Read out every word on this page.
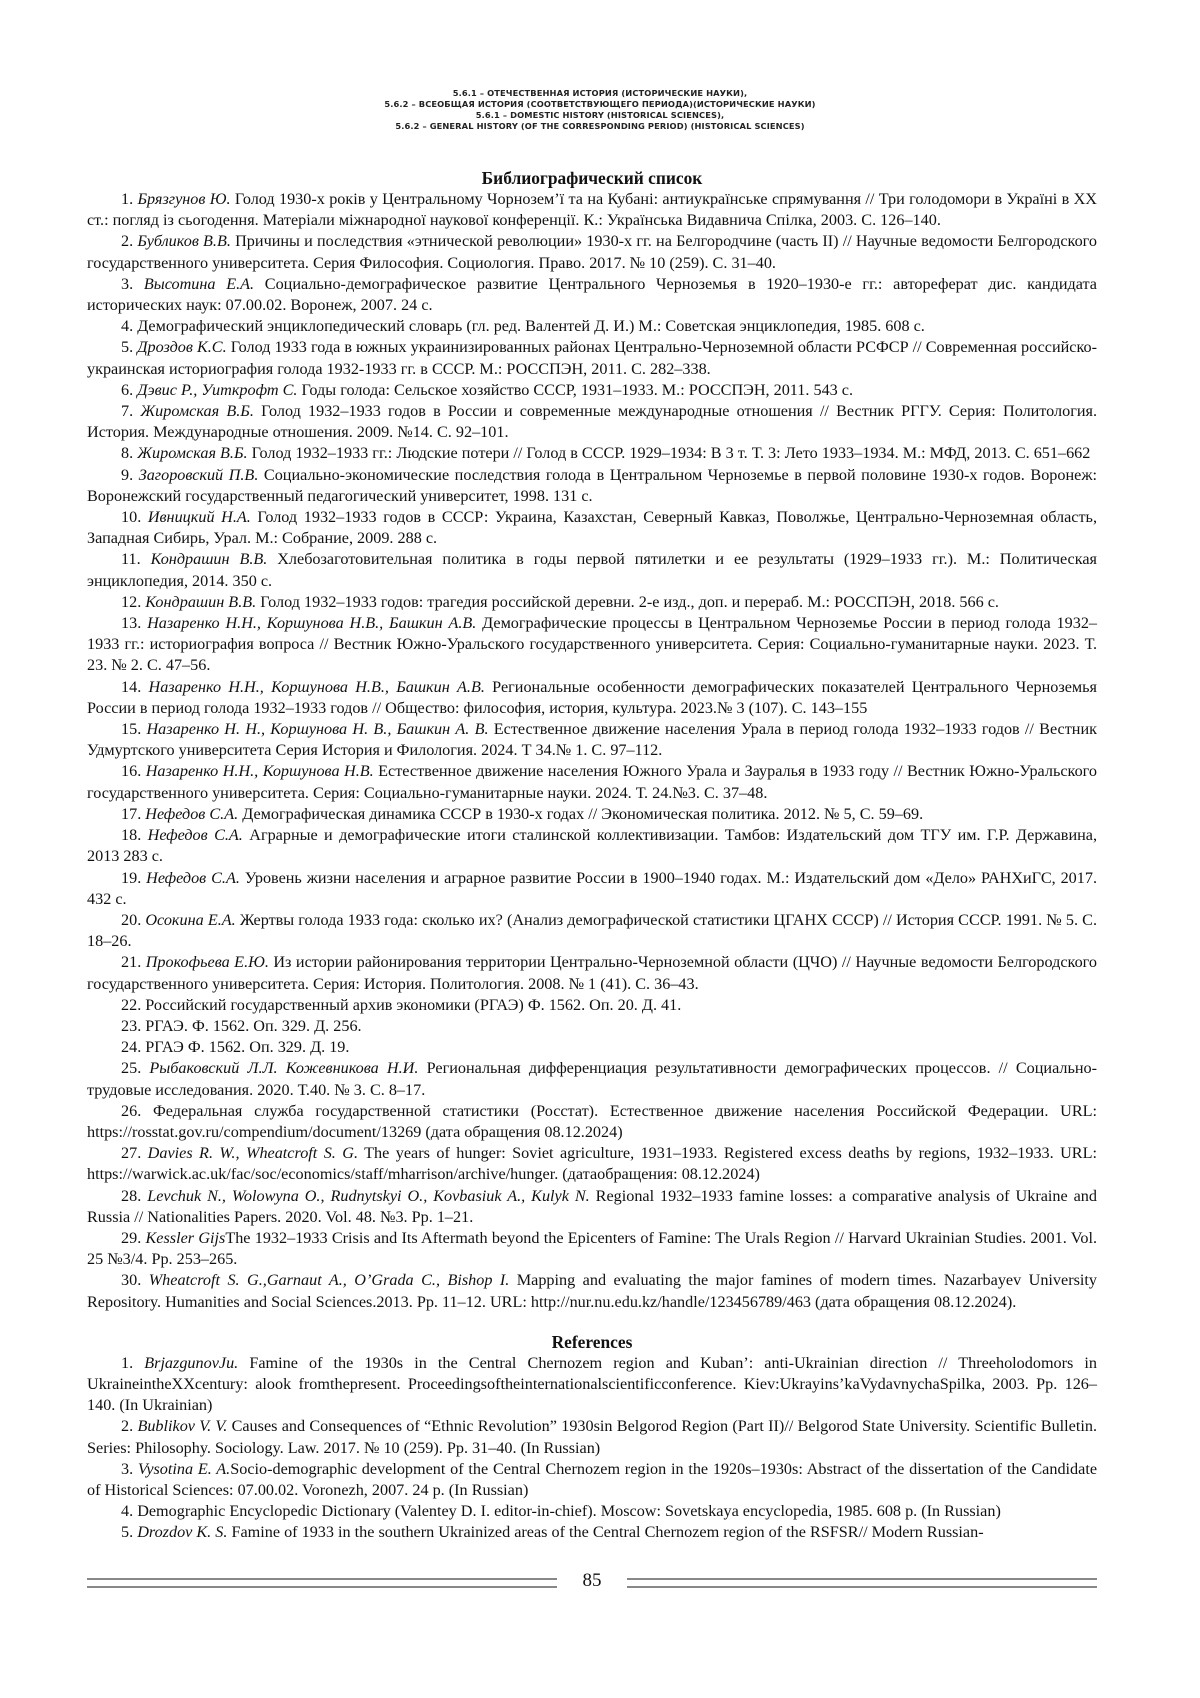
5.6.1 – ОТЕЧЕСТВЕННАЯ ИСТОРИЯ (ИСТОРИЧЕСКИЕ НАУКИ),
5.6.2 – ВСЕОБЩАЯ ИСТОРИЯ (СООТВЕТСТВУЮЩЕГО ПЕРИОДА)(ИСТОРИЧЕСКИЕ НАУКИ)
5.6.1 – DOMESTIC HISTORY (HISTORICAL SCIENCES),
5.6.2 – GENERAL HISTORY (OF THE CORRESPONDING PERIOD) (HISTORICAL SCIENCES)

Библиографический список

1. Брязгунов Ю. Голод 1930-х років у Центральному Чорнозем’ї та на Кубані: антиукраїнське спрямування // Три голодомори в Україні в XX ст.: погляд із сьогодення. Матеріали міжнародної наукової конференції. К.: Українська Видавнича Спілка, 2003. С. 126–140.

2. Бубликов В.В. Причины и последствия «этнической революции» 1930-х гг. на Белгородчине (часть II) // Научные ведомости Белгородского государственного университета. Серия Философия. Социология. Право. 2017. № 10 (259). С. 31–40.

3. Высотина Е.А. Социально-демографическое развитие Центрального Черноземья в 1920–1930-е гг.: автореферат дис. кандидата исторических наук: 07.00.02. Воронеж, 2007. 24 с.

4. Демографический энциклопедический словарь (гл. ред. Валентей Д. И.) М.: Советская энциклопедия, 1985. 608 с.

5. Дроздов К.С. Голод 1933 года в южных украинизированных районах Центрально-Черноземной области РСФСР // Современная российско-украинская историография голода 1932-1933 гг. в СССР. М.: РОССПЭН, 2011. С. 282–338.

6. Дэвис Р., Уиткрофт С. Годы голода: Сельское хозяйство СССР, 1931–1933. М.: РОССПЭН, 2011. 543 с.

7. Жиромская В.Б. Голод 1932–1933 годов в России и современные международные отношения // Вестник РГГУ. Серия: Политология. История. Международные отношения. 2009. №14. С. 92–101.

8. Жиромская В.Б. Голод 1932–1933 гг.: Людские потери // Голод в СССР. 1929–1934: В 3 т. Т. 3: Лето 1933–1934. М.: МФД, 2013. С. 651–662

9. Загоровский П.В. Социально-экономические последствия голода в Центральном Черноземье в первой половине 1930-х годов. Воронеж: Воронежский государственный педагогический университет, 1998. 131 с.

10. Ивницкий Н.А. Голод 1932–1933 годов в СССР: Украина, Казахстан, Северный Кавказ, Поволжье, Центрально-Черноземная область, Западная Сибирь, Урал. М.: Собрание, 2009. 288 с.

11. Кондрашин В.В. Хлебозаготовительная политика в годы первой пятилетки и ее результаты (1929–1933 гг.). М.: Политическая энциклопедия, 2014. 350 с.

12. Кондрашин В.В. Голод 1932–1933 годов: трагедия российской деревни. 2-е изд., доп. и перераб. М.: РОССПЭН, 2018. 566 с.

13. Назаренко Н.Н., Коршунова Н.В., Башкин А.В. Демографические процессы в Центральном Черноземье России в период голода 1932–1933 гг.: историография вопроса // Вестник Южно-Уральского государственного университета. Серия: Социально-гуманитарные науки. 2023. Т. 23. № 2. С. 47–56.

14. Назаренко Н.Н., Коршунова Н.В., Башкин А.В. Региональные особенности демографических показателей Центрального Черноземья России в период голода 1932–1933 годов // Общество: философия, история, культура. 2023.№ 3 (107). С. 143–155

15. Назаренко Н. Н., Коршунова Н. В., Башкин А. В. Естественное движение населения Урала в период голода 1932–1933 годов // Вестник Удмуртского университета Серия История и Филология. 2024. Т 34.№ 1. С. 97–112.

16. Назаренко Н.Н., Коршунова Н.В. Естественное движение населения Южного Урала и Зауралья в 1933 году // Вестник Южно-Уральского государственного университета. Серия: Социально-гуманитарные науки. 2024. Т. 24.№3. С. 37–48.

17. Нефедов С.А. Демографическая динамика СССР в 1930-х годах // Экономическая политика. 2012. № 5, С. 59–69.

18. Нефедов С.А. Аграрные и демографические итоги сталинской коллективизации. Тамбов: Издательский дом ТГУ им. Г.Р. Державина, 2013 283 с.

19. Нефедов С.А. Уровень жизни населения и аграрное развитие России в 1900–1940 годах. М.: Издательский дом «Дело» РАНХиГС, 2017. 432 с.

20. Осокина Е.А. Жертвы голода 1933 года: сколько их? (Анализ демографической статистики ЦГАНХ СССР) // История СССР. 1991. № 5. С. 18–26.

21. Прокофьева Е.Ю. Из истории районирования территории Центрально-Черноземной области (ЦЧО) // Научные ведомости Белгородского государственного университета. Серия: История. Политология. 2008. № 1 (41). С. 36–43.

22. Российский государственный архив экономики (РГАЭ) Ф. 1562. Оп. 20. Д. 41.

23. РГАЭ. Ф. 1562. Оп. 329. Д. 256.

24. РГАЭ Ф. 1562. Оп. 329. Д. 19.

25. Рыбаковский Л.Л. Кожевникова Н.И. Региональная дифференциация результативности демографических процессов. // Социально-трудовые исследования. 2020. Т.40. № 3. С. 8–17.

26. Федеральная служба государственной статистики (Росстат). Естественное движение населения Российской Федерации. URL: https://rosstat.gov.ru/compendium/document/13269 (дата обращения 08.12.2024)

27. Davies R. W., Wheatcroft S. G. The years of hunger: Soviet agriculture, 1931–1933. Registered excess deaths by regions, 1932–1933. URL: https://warwick.ac.uk/fac/soc/economics/staff/mharrison/archive/hunger. (датаобращения: 08.12.2024)

28. Levchuk N., Wolowyna O., Rudnytskyi O., Kovbasiuk A., Kulyk N. Regional 1932–1933 famine losses: a comparative analysis of Ukraine and Russia // Nationalities Papers. 2020. Vol. 48. №3. Pp. 1–21.

29. Kessler GijsThe 1932–1933 Crisis and Its Aftermath beyond the Epicenters of Famine: The Urals Region // Harvard Ukrainian Studies. 2001. Vol. 25 №3/4. Pp. 253–265.

30. Wheatcroft S. G.,Garnaut A., O’Grada C., Bishop I. Mapping and evaluating the major famines of modern times. Nazarbayev University Repository. Humanities and Social Sciences.2013. Pp. 11–12. URL: http://nur.nu.edu.kz/handle/123456789/463 (дата обращения 08.12.2024).

References

1. BrjazgunovJu. Famine of the 1930s in the Central Chernozem region and Kuban’: anti-Ukrainian direction // Threeholodomors in UkraineintheXXcentury: alook fromthepresent. Proceedingsoftheinternationalscientificconference. Kiev:Ukrayins’kaVydavnychaSpilka, 2003. Pp. 126–140. (In Ukrainian)

2. Bublikov V. V. Causes and Consequences of “Ethnic Revolution” 1930sin Belgorod Region (Part II)// Belgorod State University. Scientific Bulletin. Series: Philosophy. Sociology. Law. 2017. № 10 (259). Pp. 31–40. (In Russian)

3. Vysotina E. A.Socio-demographic development of the Central Chernozem region in the 1920s–1930s: Abstract of the dissertation of the Candidate of Historical Sciences: 07.00.02. Voronezh, 2007. 24 p. (In Russian)

4. Demographic Encyclopedic Dictionary (Valentey D. I. editor-in-chief). Moscow: Sovetskaya encyclopedia, 1985. 608 p. (In Russian)

5. Drozdov K. S. Famine of 1933 in the southern Ukrainized areas of the Central Chernozem region of the RSFSR// Modern Russian-

85
